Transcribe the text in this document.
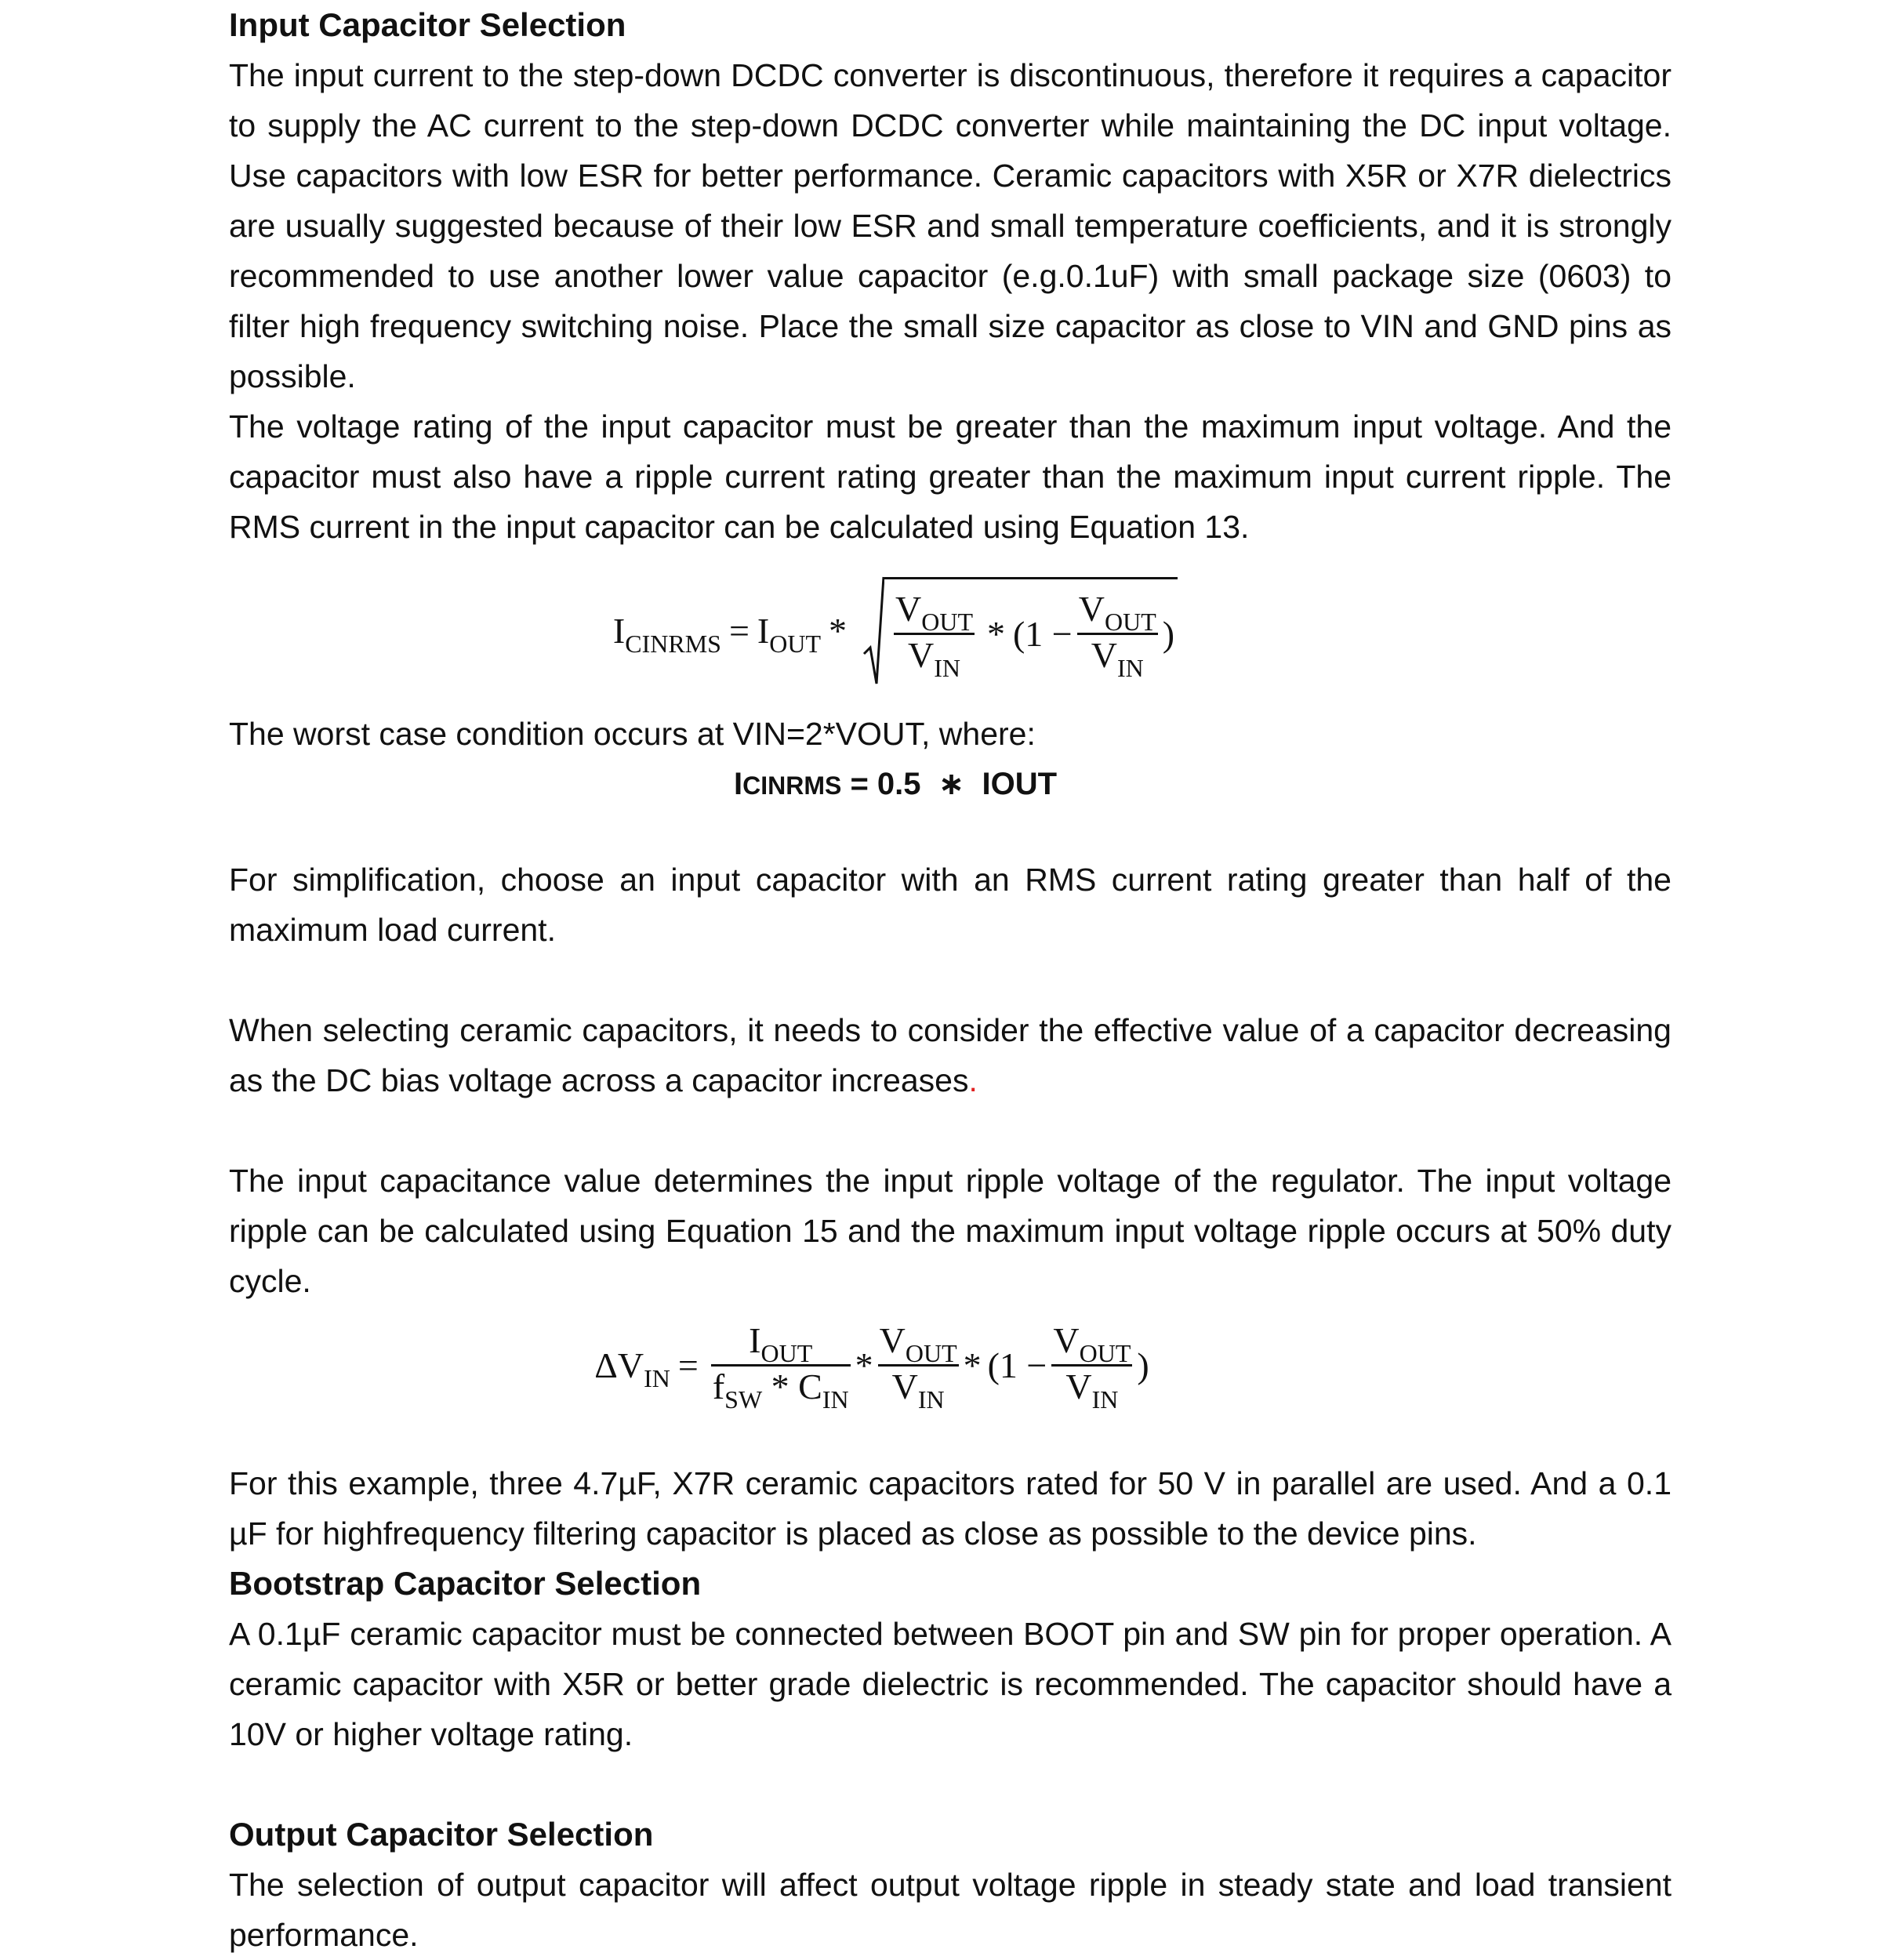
Input Capacitor Selection

The input current to the step-down DCDC converter is discontinuous, therefore it requires a capacitor to supply the AC current to the step-down DCDC converter while maintaining the DC input voltage. Use capacitors with low ESR for better performance. Ceramic capacitors with X5R or X7R dielectrics are usually suggested because of their low ESR and small temperature coefficients, and it is strongly recommended to use another lower value capacitor (e.g.0.1uF) with small package size (0603) to filter high frequency switching noise. Place the small size capacitor as close to VIN and GND pins as possible.

The voltage rating of the input capacitor must be greater than the maximum input voltage. And the capacitor must also have a ripple current rating greater than the maximum input current ripple. The RMS current in the input capacitor can be calculated using Equation 13.

$I_{CINRMS} = I_{OUT} * \frac{V_{OUT}}{V_{IN}} * (1 - \frac{V_{OUT}}{V_{IN}}$ )

The worst case condition occurs at VIN=2*VOUT, where:

ICINRMS = 0.5  ∗  IOUT

For simplification, choose an input capacitor with an RMS current rating greater than half of the maximum load current.

When selecting ceramic capacitors, it needs to consider the effective value of a capacitor decreasing as the DC bias voltage across a capacitor increases.

The input capacitance value determines the input ripple voltage of the regulator. The input voltage ripple can be calculated using Equation 15 and the maximum input voltage ripple occurs at 50% duty cycle.

$\Delta V_{IN} = \frac{I_{OUT}}{f_{SW} * C_{IN}} * \frac{V_{OUT}}{V_{IN}} * (1 - \frac{V_{OUT}}{V_{IN}}$ )

For this example, three 4.7µF, X7R ceramic capacitors rated for 50 V in parallel are used. And a 0.1 µF for highfrequency filtering capacitor is placed as close as possible to the device pins.

Bootstrap Capacitor Selection

A 0.1µF ceramic capacitor must be connected between BOOT pin and SW pin for proper operation. A ceramic capacitor with X5R or better grade dielectric is recommended. The capacitor should have a 10V or higher voltage rating.

Output Capacitor Selection

The selection of output capacitor will affect output voltage ripple in steady state and load transient performance.
